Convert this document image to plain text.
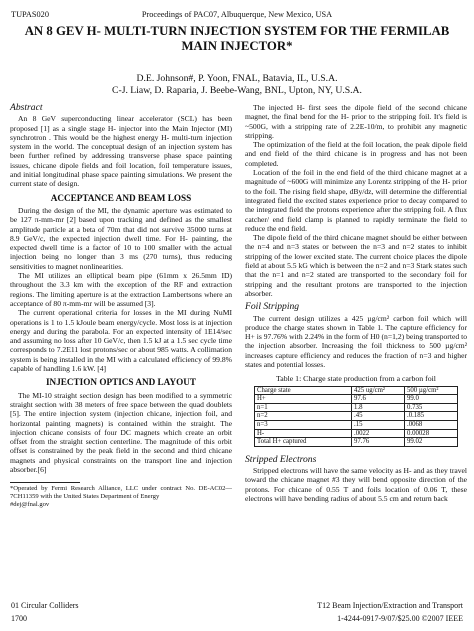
TUPAS020	Proceedings of PAC07, Albuquerque, New Mexico, USA
AN 8 GEV H- MULTI-TURN INJECTION SYSTEM FOR THE FERMILAB MAIN INJECTOR*
D.E. Johnson#, P. Yoon, FNAL, Batavia, IL, U.S.A.
C-J. Liaw, D. Raparia, J. Beebe-Wang, BNL, Upton, NY, U.S.A.
Abstract

An 8 GeV superconducting linear accelerator (SCL) has been proposed [1] as a single stage H- injector into the Main Injector (MI) synchrotron . This would be the highest energy H- multi-turn injection system in the world. The conceptual design of an injection system has been further refined by addressing transverse phase space painting issues, chicane dipole fields and foil location, foil temperature issues, and initial longitudinal phase space painting simulations. We present the current state of design.

ACCEPTANCE AND BEAM LOSS

During the design of the MI, the dynamic aperture was estimated to be 127 π-mm-mr [2] based upon tracking and defined as the smallest amplitude particle at a beta of 70m that did not survive 35000 turns at 8.9 GeV/c, the expected injection dwell time. For H- painting, the expected dwell time is a factor of 10 to 100 smaller with the actual injection being no longer than 3 ms (270 turns), thus reducing sensitivities to magnet nonlinearities.

The MI utilizes an elliptical beam pipe (61mm x 26.5mm ID) throughout the 3.3 km with the exception of the RF and extraction regions. The limiting aperture is at the extraction Lambertsons where an acceptance of 80 π-mm-mr will be assumed [3].

The current operational criteria for losses in the MI during NuMI operations is 1 to 1.5 kJoule beam energy/cycle. Most loss is at injection energy and during the parabola. For an expected intensity of 1E14/sec and assuming no loss after 10 GeV/c, then 1.5 kJ at a 1.5 sec cycle time corresponds to 7.2E11 lost protons/sec or about 985 watts. A collimation system is being installed in the MI with a calculated efficiency of 99.8% capable of handling 1.6 kW. [4]

INJECTION OPTICS AND LAYOUT

The MI-10 straight section design has been modified to a symmetric straight section with 38 meters of free space between the quad doublets [5]. The entire injection system (injection chicane, injection foil, and horizontal painting magnets) is contained within the straight. The injection chicane consists of four DC magnets which create an orbit offset from the straight section centerline. The magnitude of this orbit offset is constrained by the peak field in the second and third chicane magnets and physical constraints on the transport line and injection absorber.[6]

*Operated by Fermi Research Alliance, LLC under contract No. DE-AC02—7CH11359 with the United States Department of Energy

#dej@fnal.gov

The injected H- first sees the dipole field of the second chicane magnet, the final bend for the H- prior to the stripping foil. It's field is ~500G, with a stripping rate of 2.2E-10/m, to prohibit any magnetic stripping.

The optimization of the field at the foil location, the peak dipole field and end field of the third chicane is in progress and has not been completed.

Location of the foil in the end field of the third chicane magnet at a magnitude of ~600G will minimize any Lorentz stripping of the H- prior to the foil. The rising field shape, dBy/dz, will determine the differential integrated field the excited states experience prior to decay compared to the integrated field the protons experience after the stripping foil. A flux catcher/ end field clamp is planned to rapidly terminate the field to reduce the end field.

The dipole field of the third chicane magnet should be either between the n=4 and n=3 states or between the n=3 and n=2 states to inhibit stripping of the lower excited state. The current choice places the dipole field at about 5.5 kG which is between the n=2 and n=3 Stark states such that the n=1 and n=2 stated are transported to the secondary foil for stripping and the resultant protons are transported to the injection absorber.

Foil Stripping

The current design utilizes a 425 µg/cm² carbon foil which will produce the charge states shown in Table 1. The capture efficiency for H+ is 97.76% with 2.24% in the form of H0 (n=1,2) being transported to the injection absorber. Increasing the foil thickness to 500 µg/cm² increases capture efficiency and reduces the fraction of n=3 and higher states and potential losses.

Table 1: Charge state production from a carbon foil
Charge state	425 ug/cm²	500 µg/cm²
H+	97.6	99.0
n=1	1.8	0.735
n=2	.45	.0.185
n=3	.15	.0068
H-	.0022	0.00028
Total H+ captured	97.76	99.02
Stripped Electrons

Stripped electrons will have the same velocity as H- and as they travel toward the chicane magnet #3 they will bend opposite direction of the protons. For chicane of 0.55 T and foils location of 0.06 T, these electrons will have bending radius of about 5.5 cm and return back

01 Circular Colliders	T12 Beam Injection/Extraction and Transport
1700	1-4244-0917-9/07/$25.00 ©2007 IEEE
